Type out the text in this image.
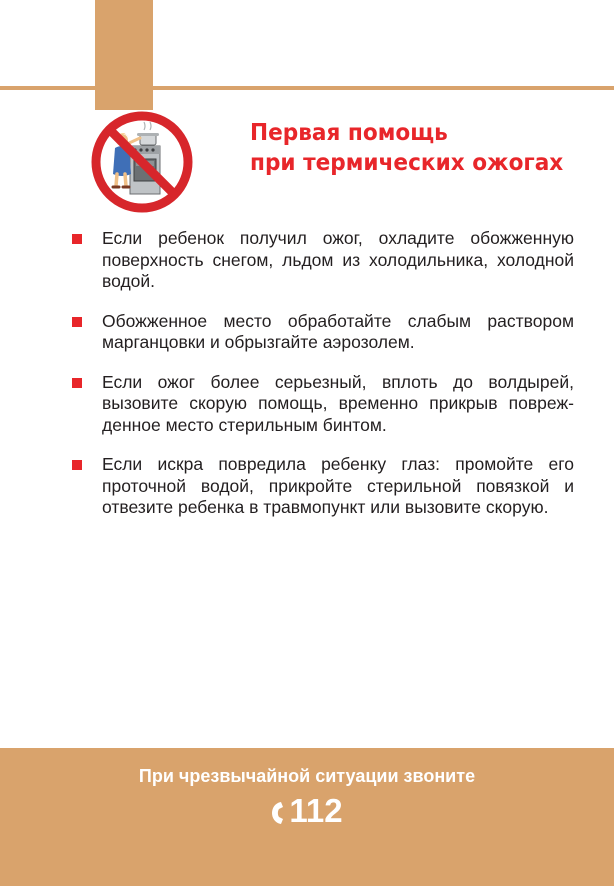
Первая помощь
при термических ожогах
Если ребенок получил ожог, охладите обожженную поверхность снегом, льдом из холодильника, холодной водой.
Обожженное место обработайте слабым раствором марганцовки и обрызгайте аэрозолем.
Если ожог более серьезный, вплоть до волдырей, вызовите скорую помощь, временно прикрыв поврежденное место стерильным бинтом.
Если искра повредила ребенку глаз: промойте его проточной водой, прикройте стерильной повязкой и отвезите ребенка в травмопункт или вызовите скорую.
При чрезвычайной ситуации звоните
112
